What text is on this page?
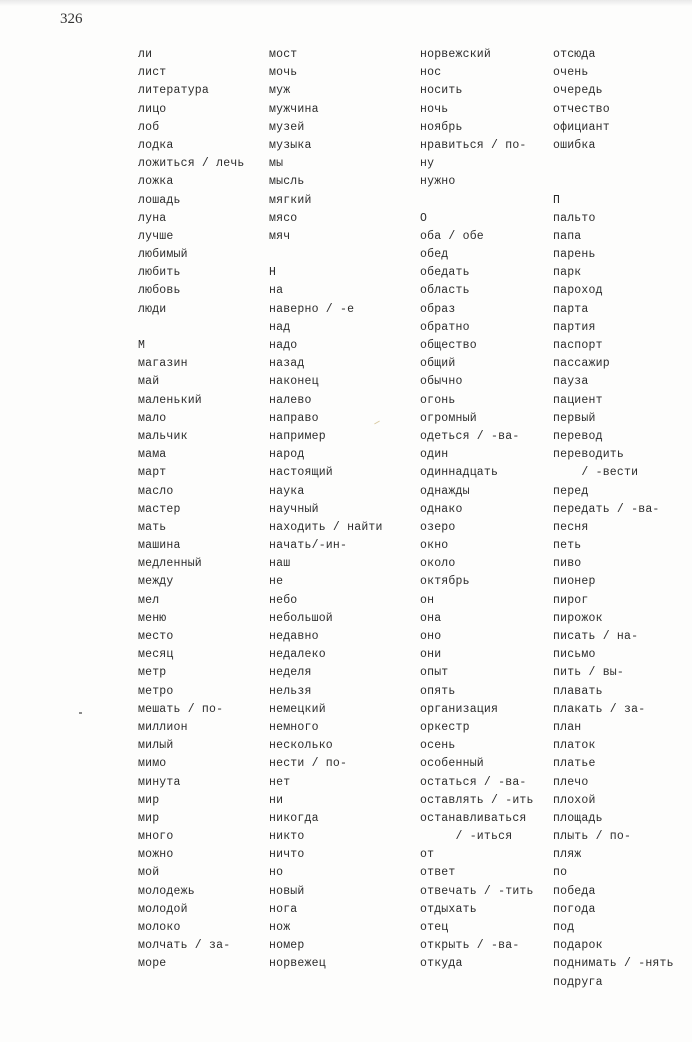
326
ли
лист
литература
лицо
лоб
лодка
ложиться / лечь
ложка
лошадь
луна
лучше
любимый
любить
любовь
люди
М
магазин
май
маленький
мало
мальчик
мама
март
масло
мастер
мать
машина
медленный
между
мел
меню
место
месяц
метр
метро
мешать / по-
миллион
милый
мимо
минута
мир
мир
много
можно
мой
молодежь
молодой
молоко
молчать / за-
море
мост
мочь
муж
мужчина
музей
музыка
мы
мысль
мягкий
мясо
мяч
Н
на
наверно / -е
над
надо
назад
наконец
налево
направо
например
народ
настоящий
наука
научный
находить / найти
начать/-ин-
наш
не
небо
небольшой
недавно
недалеко
неделя
нельзя
немецкий
немного
несколько
нести / по-
нет
ни
никогда
никто
ничто
но
новый
нога
нож
номер
норвежец
норвежский
нос
носить
ночь
ноябрь
нравиться / по-
ну
нужно
О
оба / обе
обед
обедать
область
образ
обратно
общество
общий
обычно
огонь
огромный
одеться / -ва-
один
одиннадцать
однажды
однако
озеро
окно
около
октябрь
он
она
оно
они
опыт
опять
организация
оркестр
осень
особенный
остаться / -ва-
оставлять / -ить
останавливаться
/ -иться
от
ответ
отвечать / -тить
отдыхать
отец
открыть / -ва-
откуда
отсюда
очень
очередь
отчество
официант
ошибка
П
пальто
папа
парень
парк
пароход
парта
партия
паспорт
пассажир
пауза
пациент
первый
перевод
переводить
/ -вести
перед
передать / -ва-
песня
петь
пиво
пионер
пирог
пирожок
писать / на-
письмо
пить / вы-
плавать
плакать / за-
план
платок
платье
плечо
плохой
площадь
плыть / по-
пляж
по
победа
погода
под
подарок
поднимать / -нять
подруга
